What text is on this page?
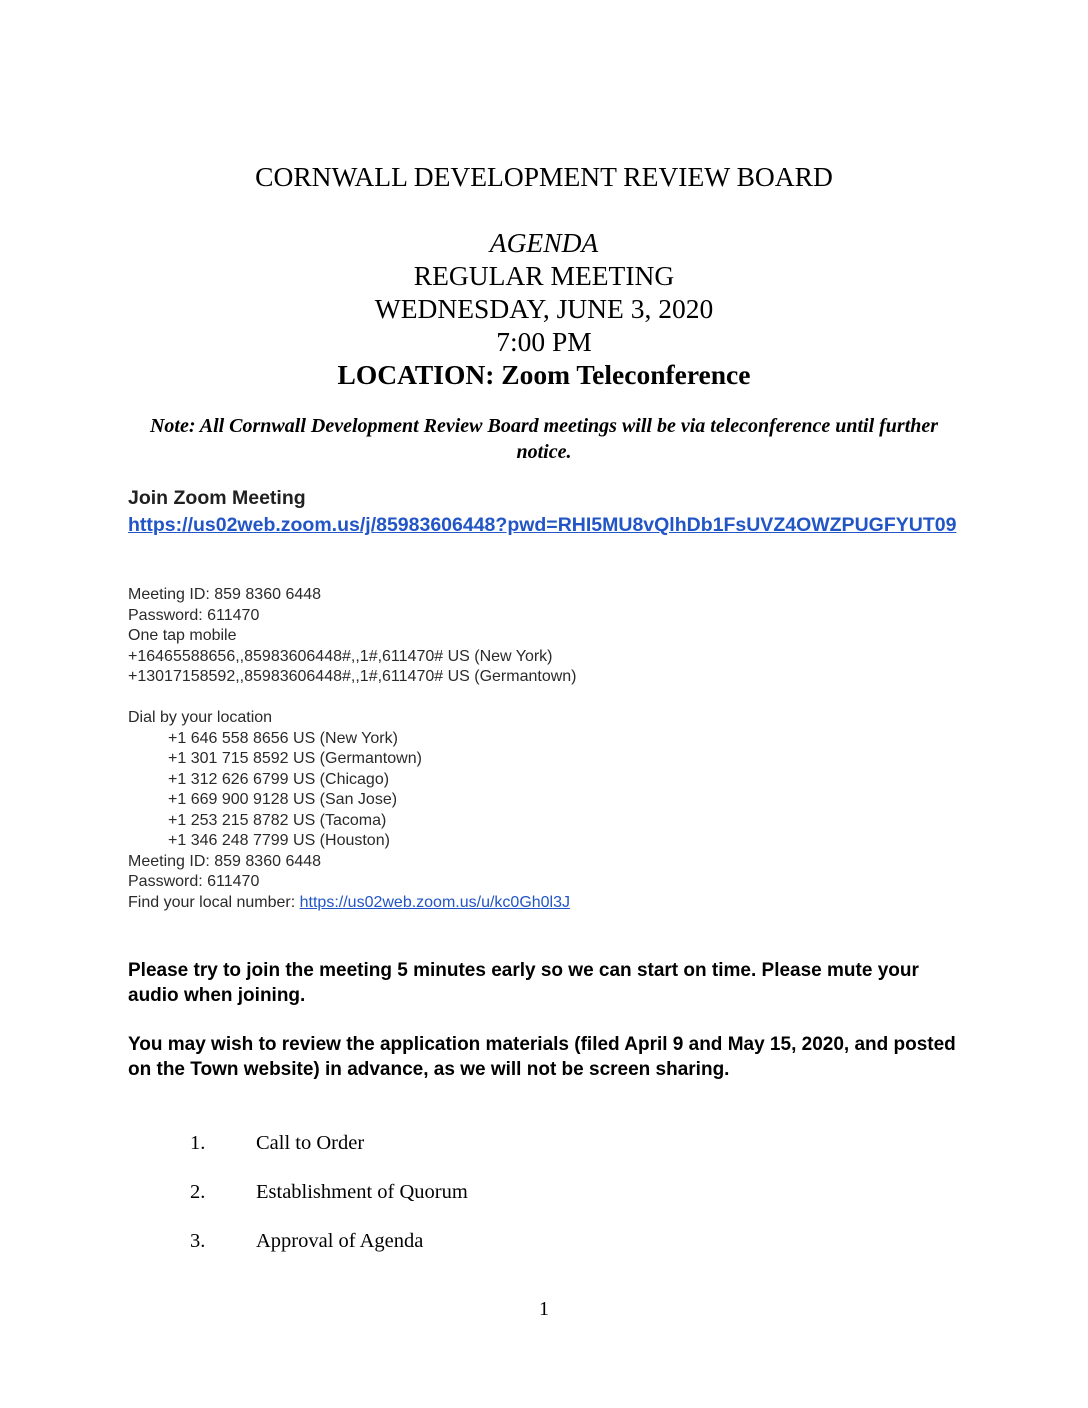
CORNWALL DEVELOPMENT REVIEW BOARD
AGENDA
REGULAR MEETING
WEDNESDAY, JUNE 3, 2020
7:00 PM
LOCATION: Zoom Teleconference
Note: All Cornwall Development Review Board meetings will be via teleconference until further notice.
Join Zoom Meeting
https://us02web.zoom.us/j/85983606448?pwd=RHI5MU8vQlhDb1FsUVZ4OWZPUGFYUT09
Meeting ID: 859 8360 6448
Password: 611470
One tap mobile
+16465588656,,85983606448#,,1#,611470# US (New York)
+13017158592,,85983606448#,,1#,611470# US (Germantown)
Dial by your location
+1 646 558 8656 US (New York)
+1 301 715 8592 US (Germantown)
+1 312 626 6799 US (Chicago)
+1 669 900 9128 US (San Jose)
+1 253 215 8782 US (Tacoma)
+1 346 248 7799 US (Houston)
Meeting ID: 859 8360 6448
Password: 611470
Find your local number: https://us02web.zoom.us/u/kc0Gh0l3J
Please try to join the meeting 5 minutes early so we can start on time. Please mute your audio when joining.
You may wish to review the application materials (filed April 9 and May 15, 2020, and posted on the Town website) in advance, as we will not be screen sharing.
1. Call to Order
2. Establishment of Quorum
3. Approval of Agenda
1
